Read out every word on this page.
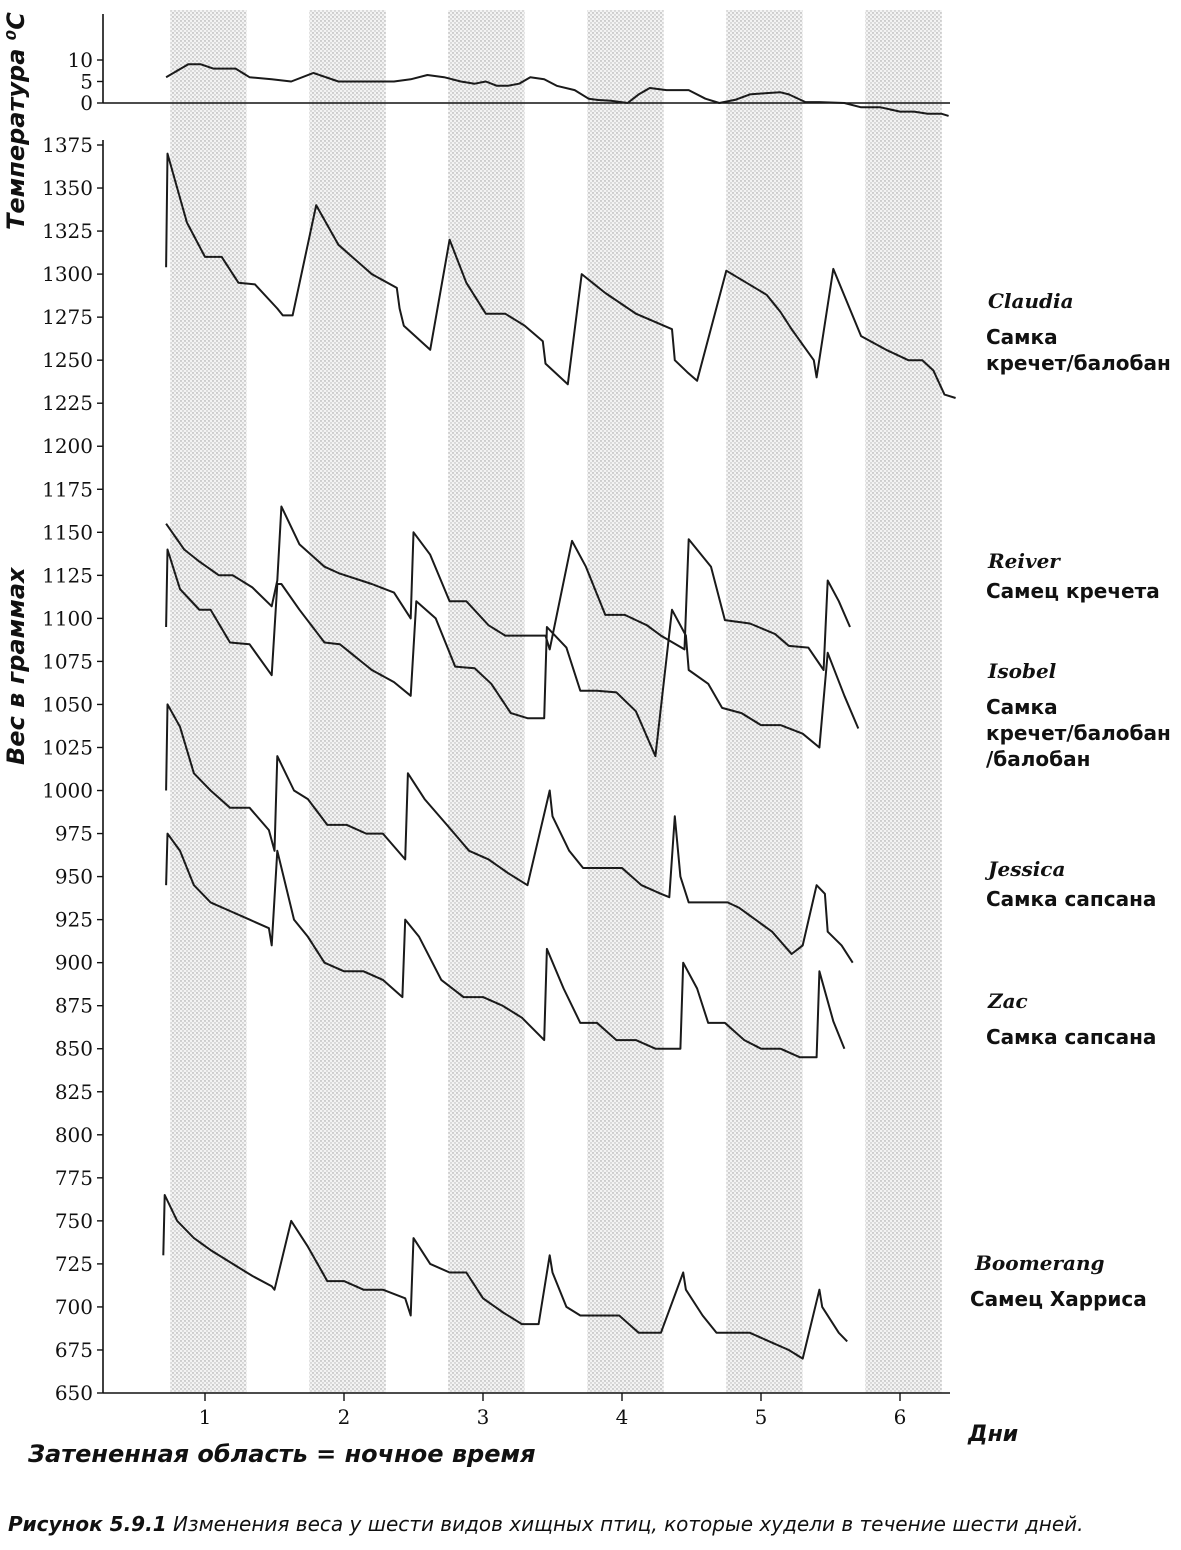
0
5
10
650
675
700
725
750
775
800
825
850
875
900
925
950
975
1000
1025
1050
1075
1100
1125
1150
1175
1200
1225
1250
1275
1300
1325
1350
1375
1	2	3	4	5	6
Claudia
Самка
кречет/балобан
Reiver
Самец кречета
Isobel
Самка
кречет/балобан
/балобан
Jessica
Самка сапсана
Zac
Самка сапсана
Boomerang
Самец Харриса
Температура ⁰С
Вес в граммах
Дни
Затененная область = ночное время
Рисунок 5.9.1 Изменения веса у шести видов хищных птиц, которые худели в течение шести дней.
